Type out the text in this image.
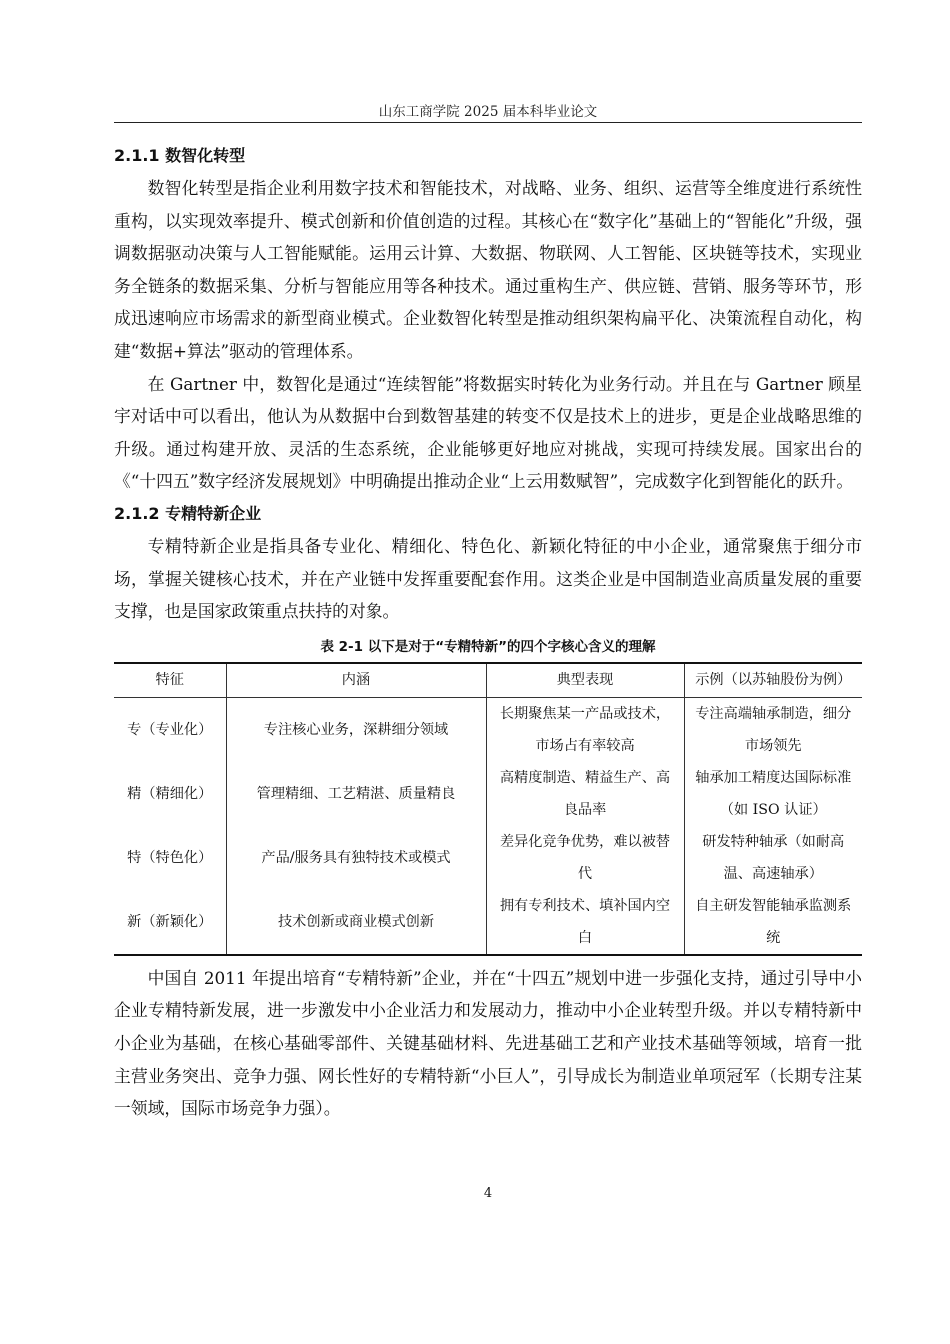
山东工商学院 2025 届本科毕业论文
2.1.1 数智化转型

数智化转型是指企业利用数字技术和智能技术，对战略、业务、组织、运营等全维度进行系统性重构，以实现效率提升、模式创新和价值创造的过程。其核心在“数字化”基础上的“智能化”升级，强调数据驱动决策与人工智能赋能。运用云计算、大数据、物联网、人工智能、区块链等技术，实现业务全链条的数据采集、分析与智能应用等各种技术。通过重构生产、供应链、营销、服务等环节，形成迅速响应市场需求的新型商业模式。企业数智化转型是推动组织架构扁平化、决策流程自动化，构建“数据+算法”驱动的管理体系。

在 Gartner 中，数智化是通过“连续智能”将数据实时转化为业务行动。并且在与 Gartner 顾星宇对话中可以看出，他认为从数据中台到数智基建的转变不仅是技术上的进步，更是企业战略思维的升级。通过构建开放、灵活的生态系统，企业能够更好地应对挑战，实现可持续发展。国家出台的《“十四五”数字经济发展规划》中明确提出推动企业“上云用数赋智”，完成数字化到智能化的跃升。

2.1.2 专精特新企业

专精特新企业是指具备专业化、精细化、特色化、新颖化特征的中小企业，通常聚焦于细分市场，掌握关键核心技术，并在产业链中发挥重要配套作用。这类企业是中国制造业高质量发展的重要支撑，也是国家政策重点扶持的对象。

表 2-1 以下是对于“专精特新”的四个字核心含义的理解
特征	内涵	典型表现	示例（以苏轴股份为例）
专（专业化）	专注核心业务，深耕细分领域	长期聚焦某一产品或技术，市场占有率较高	专注高端轴承制造，细分市场领先
精（精细化）	管理精细、工艺精湛、质量精良	高精度制造、精益生产、高良品率	轴承加工精度达国际标准（如 ISO 认证）
特（特色化）	产品/服务具有独特技术或模式	差异化竞争优势，难以被替代	研发特种轴承（如耐高温、高速轴承）
新（新颖化）	技术创新或商业模式创新	拥有专利技术、填补国内空白	自主研发智能轴承监测系统

中国自 2011 年提出培育“专精特新”企业，并在“十四五”规划中进一步强化支持，通过引导中小企业专精特新发展，进一步激发中小企业活力和发展动力，推动中小企业转型升级。并以专精特新中小企业为基础，在核心基础零部件、关键基础材料、先进基础工艺和产业技术基础等领域，培育一批主营业务突出、竞争力强、网长性好的专精特新“小巨人”，引导成长为制造业单项冠军（长期专注某一领域，国际市场竞争力强）。

4
